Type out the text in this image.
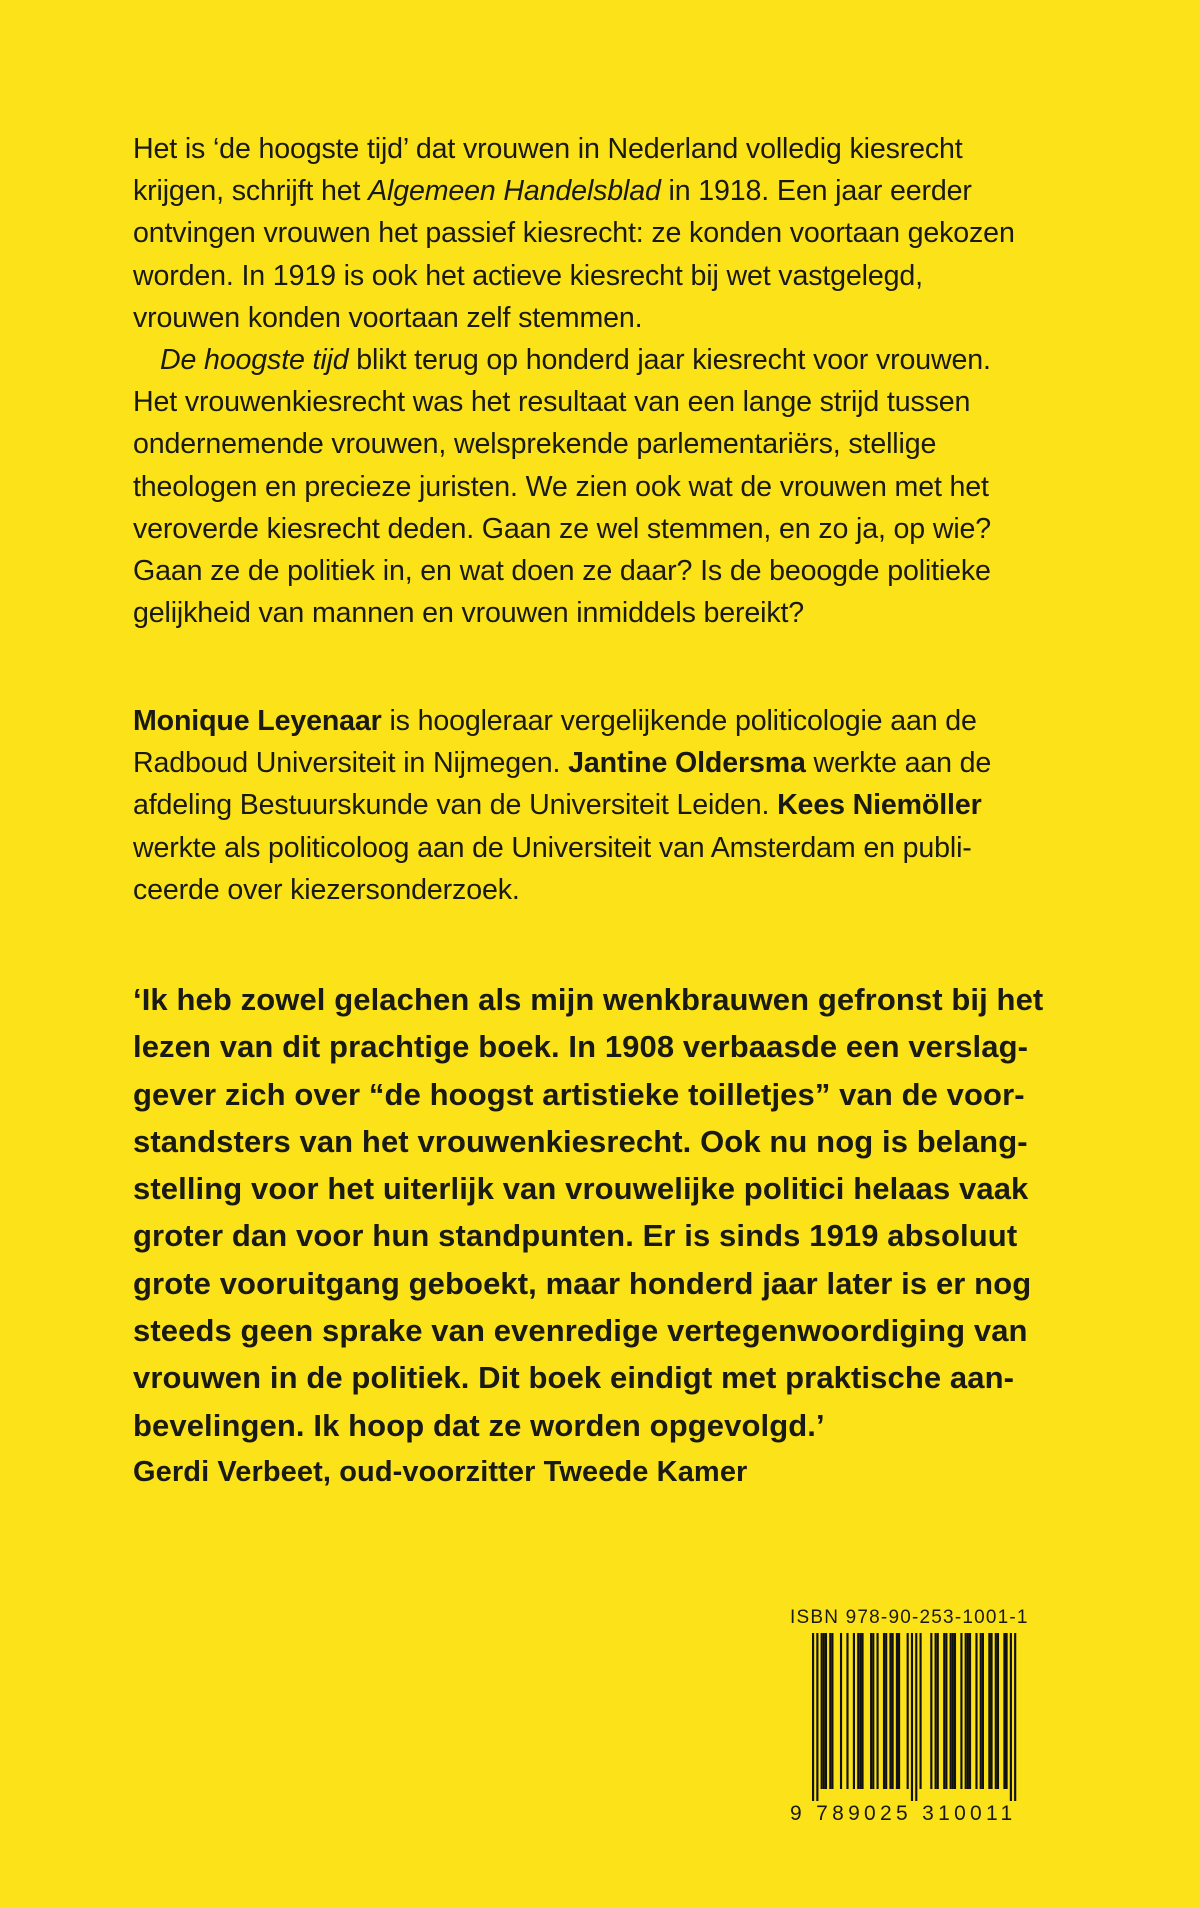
Het is ‘de hoogste tijd’ dat vrouwen in Nederland volledig kiesrecht
krijgen, schrijft het Algemeen Handelsblad in 1918. Een jaar eerder
ontvingen vrouwen het passief kiesrecht: ze konden voortaan gekozen
worden. In 1919 is ook het actieve kiesrecht bij wet vastgelegd,
vrouwen konden voortaan zelf stemmen.

De hoogste tijd blikt terug op honderd jaar kiesrecht voor vrouwen.
Het vrouwenkiesrecht was het resultaat van een lange strijd tussen
ondernemende vrouwen, welsprekende parlementariërs, stellige
theologen en precieze juristen. We zien ook wat de vrouwen met het
veroverde kiesrecht deden. Gaan ze wel stemmen, en zo ja, op wie?
Gaan ze de politiek in, en wat doen ze daar? Is de beoogde politieke
gelijkheid van mannen en vrouwen inmiddels bereikt?

Monique Leyenaar is hoogleraar vergelijkende politicologie aan de
Radboud Universiteit in Nijmegen. Jantine Oldersma werkte aan de
afdeling Bestuurskunde van de Universiteit Leiden. Kees Niemöller
werkte als politicoloog aan de Universiteit van Amsterdam en publi-
ceerde over kiezersonderzoek.

‘Ik heb zowel gelachen als mijn wenkbrauwen gefronst bij het
lezen van dit prachtige boek. In 1908 verbaasde een verslag-
gever zich over “de hoogst artistieke toilletjes” van de voor-
standsters van het vrouwenkiesrecht. Ook nu nog is belang-
stelling voor het uiterlijk van vrouwelijke politici helaas vaak
groter dan voor hun standpunten. Er is sinds 1919 absoluut
grote vooruitgang geboekt, maar honderd jaar later is er nog
steeds geen sprake van evenredige vertegenwoordiging van
vrouwen in de politiek. Dit boek eindigt met praktische aan-
bevelingen. Ik hoop dat ze worden opgevolgd.’

Gerdi Verbeet, oud-voorzitter Tweede Kamer
ISBN 978-90-253-1001-1
9 789025 310011
